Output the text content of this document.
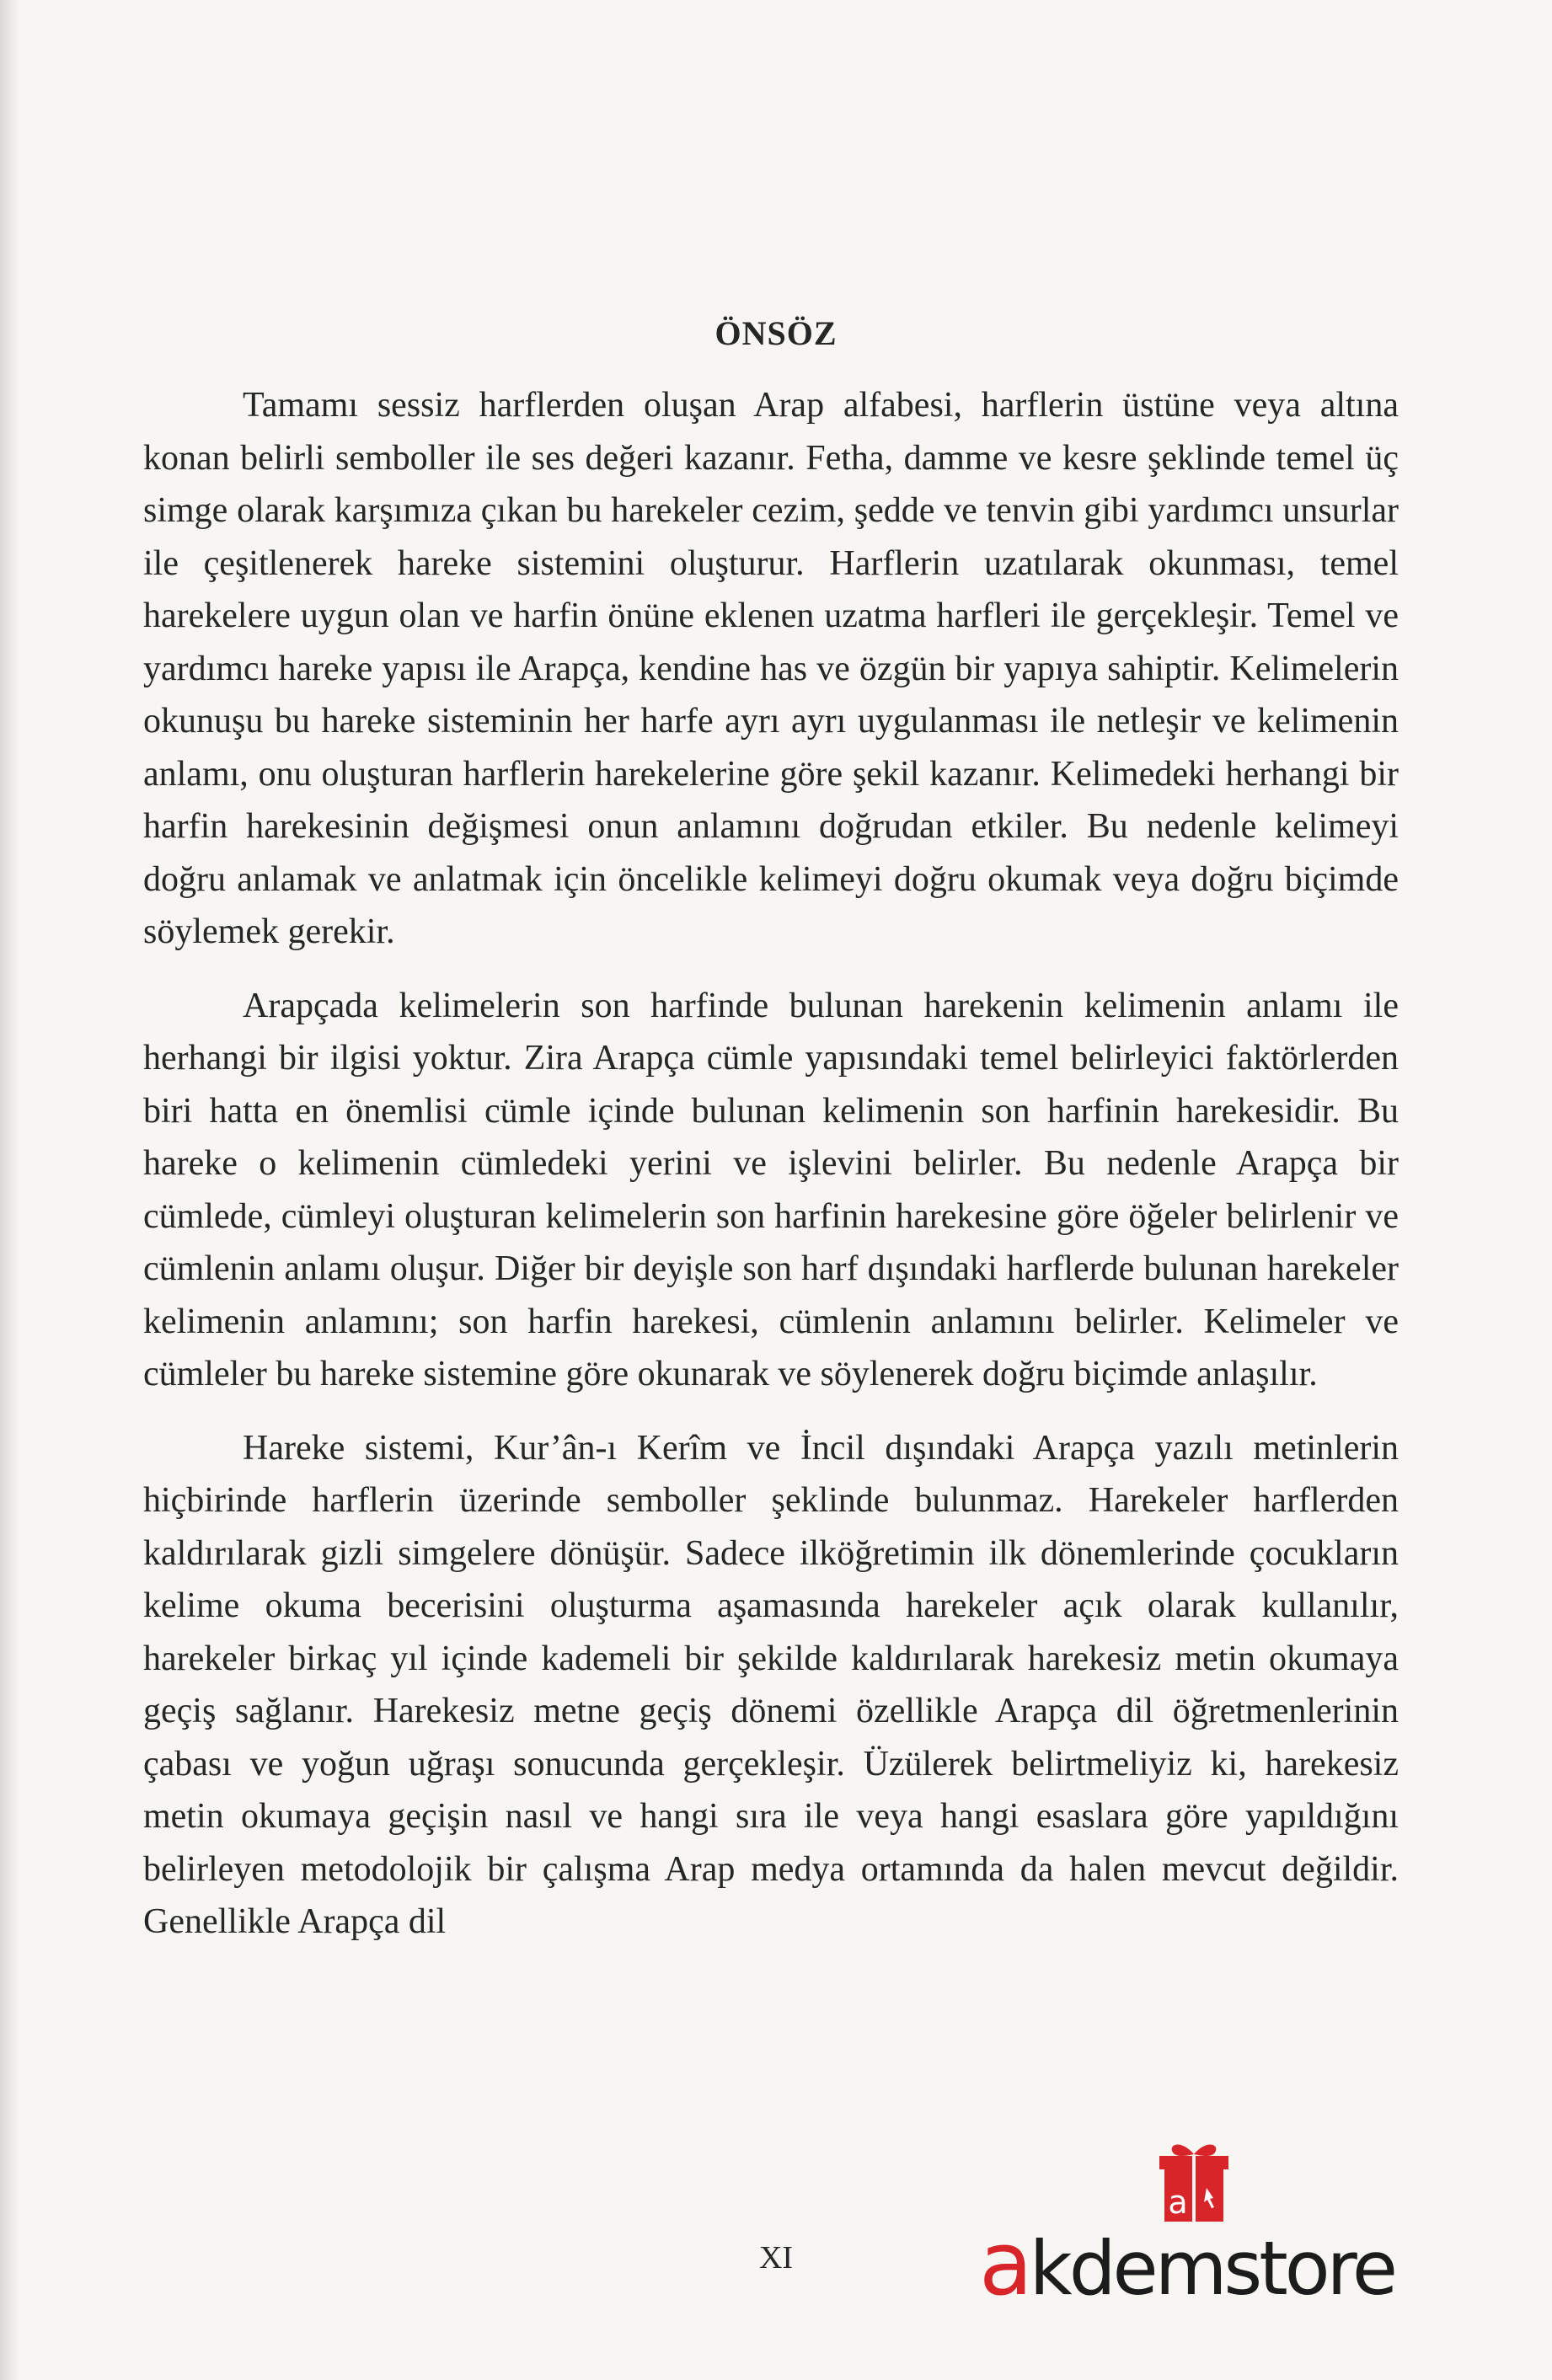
ÖNSÖZ

Tamamı sessiz harflerden oluşan Arap alfabesi, harflerin üstüne veya altına konan belirli semboller ile ses değeri kazanır. Fetha, damme ve kesre şeklinde temel üç simge olarak karşımıza çıkan bu harekeler cezim, şedde ve tenvin gibi yardımcı unsurlar ile çeşitlenerek hareke sistemini oluşturur. Harflerin uzatılarak okunması, temel harekelere uygun olan ve harfin önüne eklenen uzatma harfleri ile gerçekleşir. Temel ve yardımcı hareke yapısı ile Arapça, kendine has ve özgün bir yapıya sahiptir. Kelimelerin okunuşu bu hareke sisteminin her harfe ayrı ayrı uygulanması ile netleşir ve kelimenin anlamı, onu oluşturan harflerin harekelerine göre şekil kazanır. Kelimedeki herhangi bir harfin harekesinin değişmesi onun anlamını doğrudan etkiler. Bu nedenle kelimeyi doğru anlamak ve anlatmak için öncelikle kelimeyi doğru okumak veya doğru biçimde söylemek gerekir.

Arapçada kelimelerin son harfinde bulunan harekenin kelimenin anlamı ile herhangi bir ilgisi yoktur. Zira Arapça cümle yapısındaki temel belirleyici faktörlerden biri hatta en önemlisi cümle içinde bulunan kelimenin son harfinin harekesidir. Bu hareke o kelimenin cümledeki yerini ve işlevini belirler. Bu nedenle Arapça bir cümlede, cümleyi oluşturan kelimelerin son harfinin harekesine göre öğeler belirlenir ve cümlenin anlamı oluşur. Diğer bir deyişle son harf dışındaki harflerde bulunan harekeler kelimenin anlamını; son harfin harekesi, cümlenin anlamını belirler. Kelimeler ve cümleler bu hareke sistemine göre okunarak ve söylenerek doğru biçimde anlaşılır.

Hareke sistemi, Kur’ân-ı Kerîm ve İncil dışındaki Arapça yazılı metinlerin hiçbirinde harflerin üzerinde semboller şeklinde bulunmaz. Harekeler harflerden kaldırılarak gizli simgelere dönüşür. Sadece ilköğretimin ilk dönemlerinde çocukların kelime okuma becerisini oluşturma aşamasında harekeler açık olarak kullanılır, harekeler birkaç yıl içinde kademeli bir şekilde kaldırılarak harekesiz metin okumaya geçiş sağlanır. Harekesiz metne geçiş dönemi özellikle Arapça dil öğretmenlerinin çabası ve yoğun uğraşı sonucunda gerçekleşir. Üzülerek belirtmeliyiz ki, harekesiz metin okumaya geçişin nasıl ve hangi sıra ile veya hangi esaslara göre yapıldığını belirleyen metodolojik bir çalışma Arap medya ortamında da halen mevcut değildir. Genellikle Arapça dil

XI
a
akdemstore
